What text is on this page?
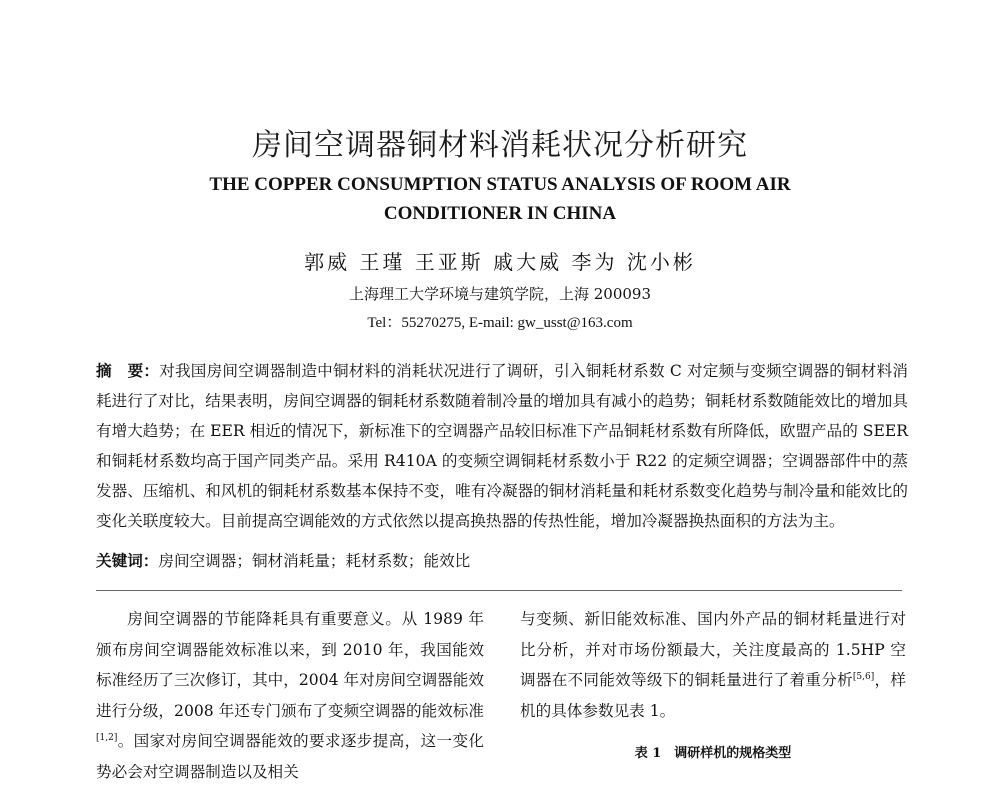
房间空调器铜材料消耗状况分析研究
THE COPPER CONSUMPTION STATUS ANALYSIS OF ROOM AIR
CONDITIONER IN CHINA
郭威 王瑾 王亚斯 戚大威 李为 沈小彬
上海理工大学环境与建筑学院，上海 200093
Tel：55270275, E-mail: gw_usst@163.com
摘　要：对我国房间空调器制造中铜材料的消耗状况进行了调研，引入铜耗材系数 C 对定频与变频空调器的铜材料消耗进行了对比，结果表明，房间空调器的铜耗材系数随着制冷量的增加具有减小的趋势；铜耗材系数随能效比的增加具有增大趋势；在 EER 相近的情况下，新标准下的空调器产品较旧标准下产品铜耗材系数有所降低，欧盟产品的 SEER 和铜耗材系数均高于国产同类产品。采用 R410A 的变频空调铜耗材系数小于 R22 的定频空调器；空调器部件中的蒸发器、压缩机、和风机的铜耗材系数基本保持不变，唯有冷凝器的铜材消耗量和耗材系数变化趋势与制冷量和能效比的变化关联度较大。目前提高空调能效的方式依然以提高换热器的传热性能，增加冷凝器换热面积的方法为主。
关键词：房间空调器；铜材消耗量；耗材系数；能效比
房间空调器的节能降耗具有重要意义。从 1989 年颁布房间空调器能效标准以来，到 2010 年，我国能效标准经历了三次修订，其中，2004 年对房间空调器能效进行分级，2008 年还专门颁布了变频空调器的能效标准[1,2]。国家对房间空调器能效的要求逐步提高，这一变化势必会对空调器制造以及相关
与变频、新旧能效标准、国内外产品的铜材耗量进行对比分析，并对市场份额最大，关注度最高的 1.5HP 空调器在不同能效等级下的铜耗量进行了着重分析[5,6]，样机的具体参数见表 1。
表 1　调研样机的规格类型
